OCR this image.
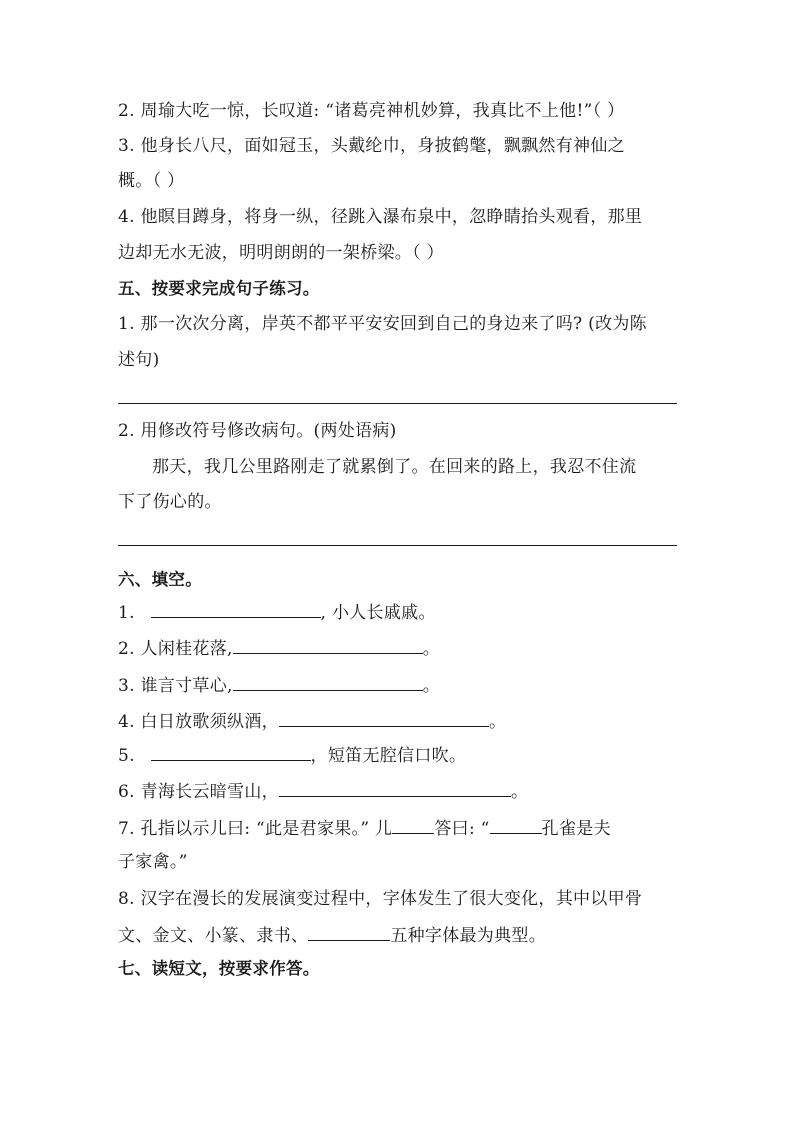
2. 周瑜大吃一惊，长叹道: “诸葛亮神机妙算，我真比不上他!”（ ）
3. 他身长八尺，面如冠玉，头戴纶巾，身披鹤氅，飘飘然有神仙之
概。（ ）
4. 他瞑目蹲身，将身一纵，径跳入瀑布泉中，忽睁睛抬头观看，那里
边却无水无波，明明朗朗的一架桥梁。（ ）
五、按要求完成句子练习。
1. 那一次次分离，岸英不都平平安安回到自己的身边来了吗? (改为陈
述句)
2. 用修改符号修改病句。(两处语病)
那天，我几公里路刚走了就累倒了。在回来的路上，我忍不住流
下了伤心的。
六、填空。
1.	, 小人长戚戚。
2. 人闲桂花落,	。
3. 谁言寸草心,	。
4. 白日放歌须纵酒，	。
5.	，短笛无腔信口吹。
6. 青海长云暗雪山，	。
7. 孔指以示儿曰: “此是君家果。” 儿 答曰: “	孔雀是夫
子家禽。”
8. 汉字在漫长的发展演变过程中，字体发生了很大变化，其中以甲骨
文、金文、小篆、隶书、	五种字体最为典型。
七、读短文，按要求作答。
